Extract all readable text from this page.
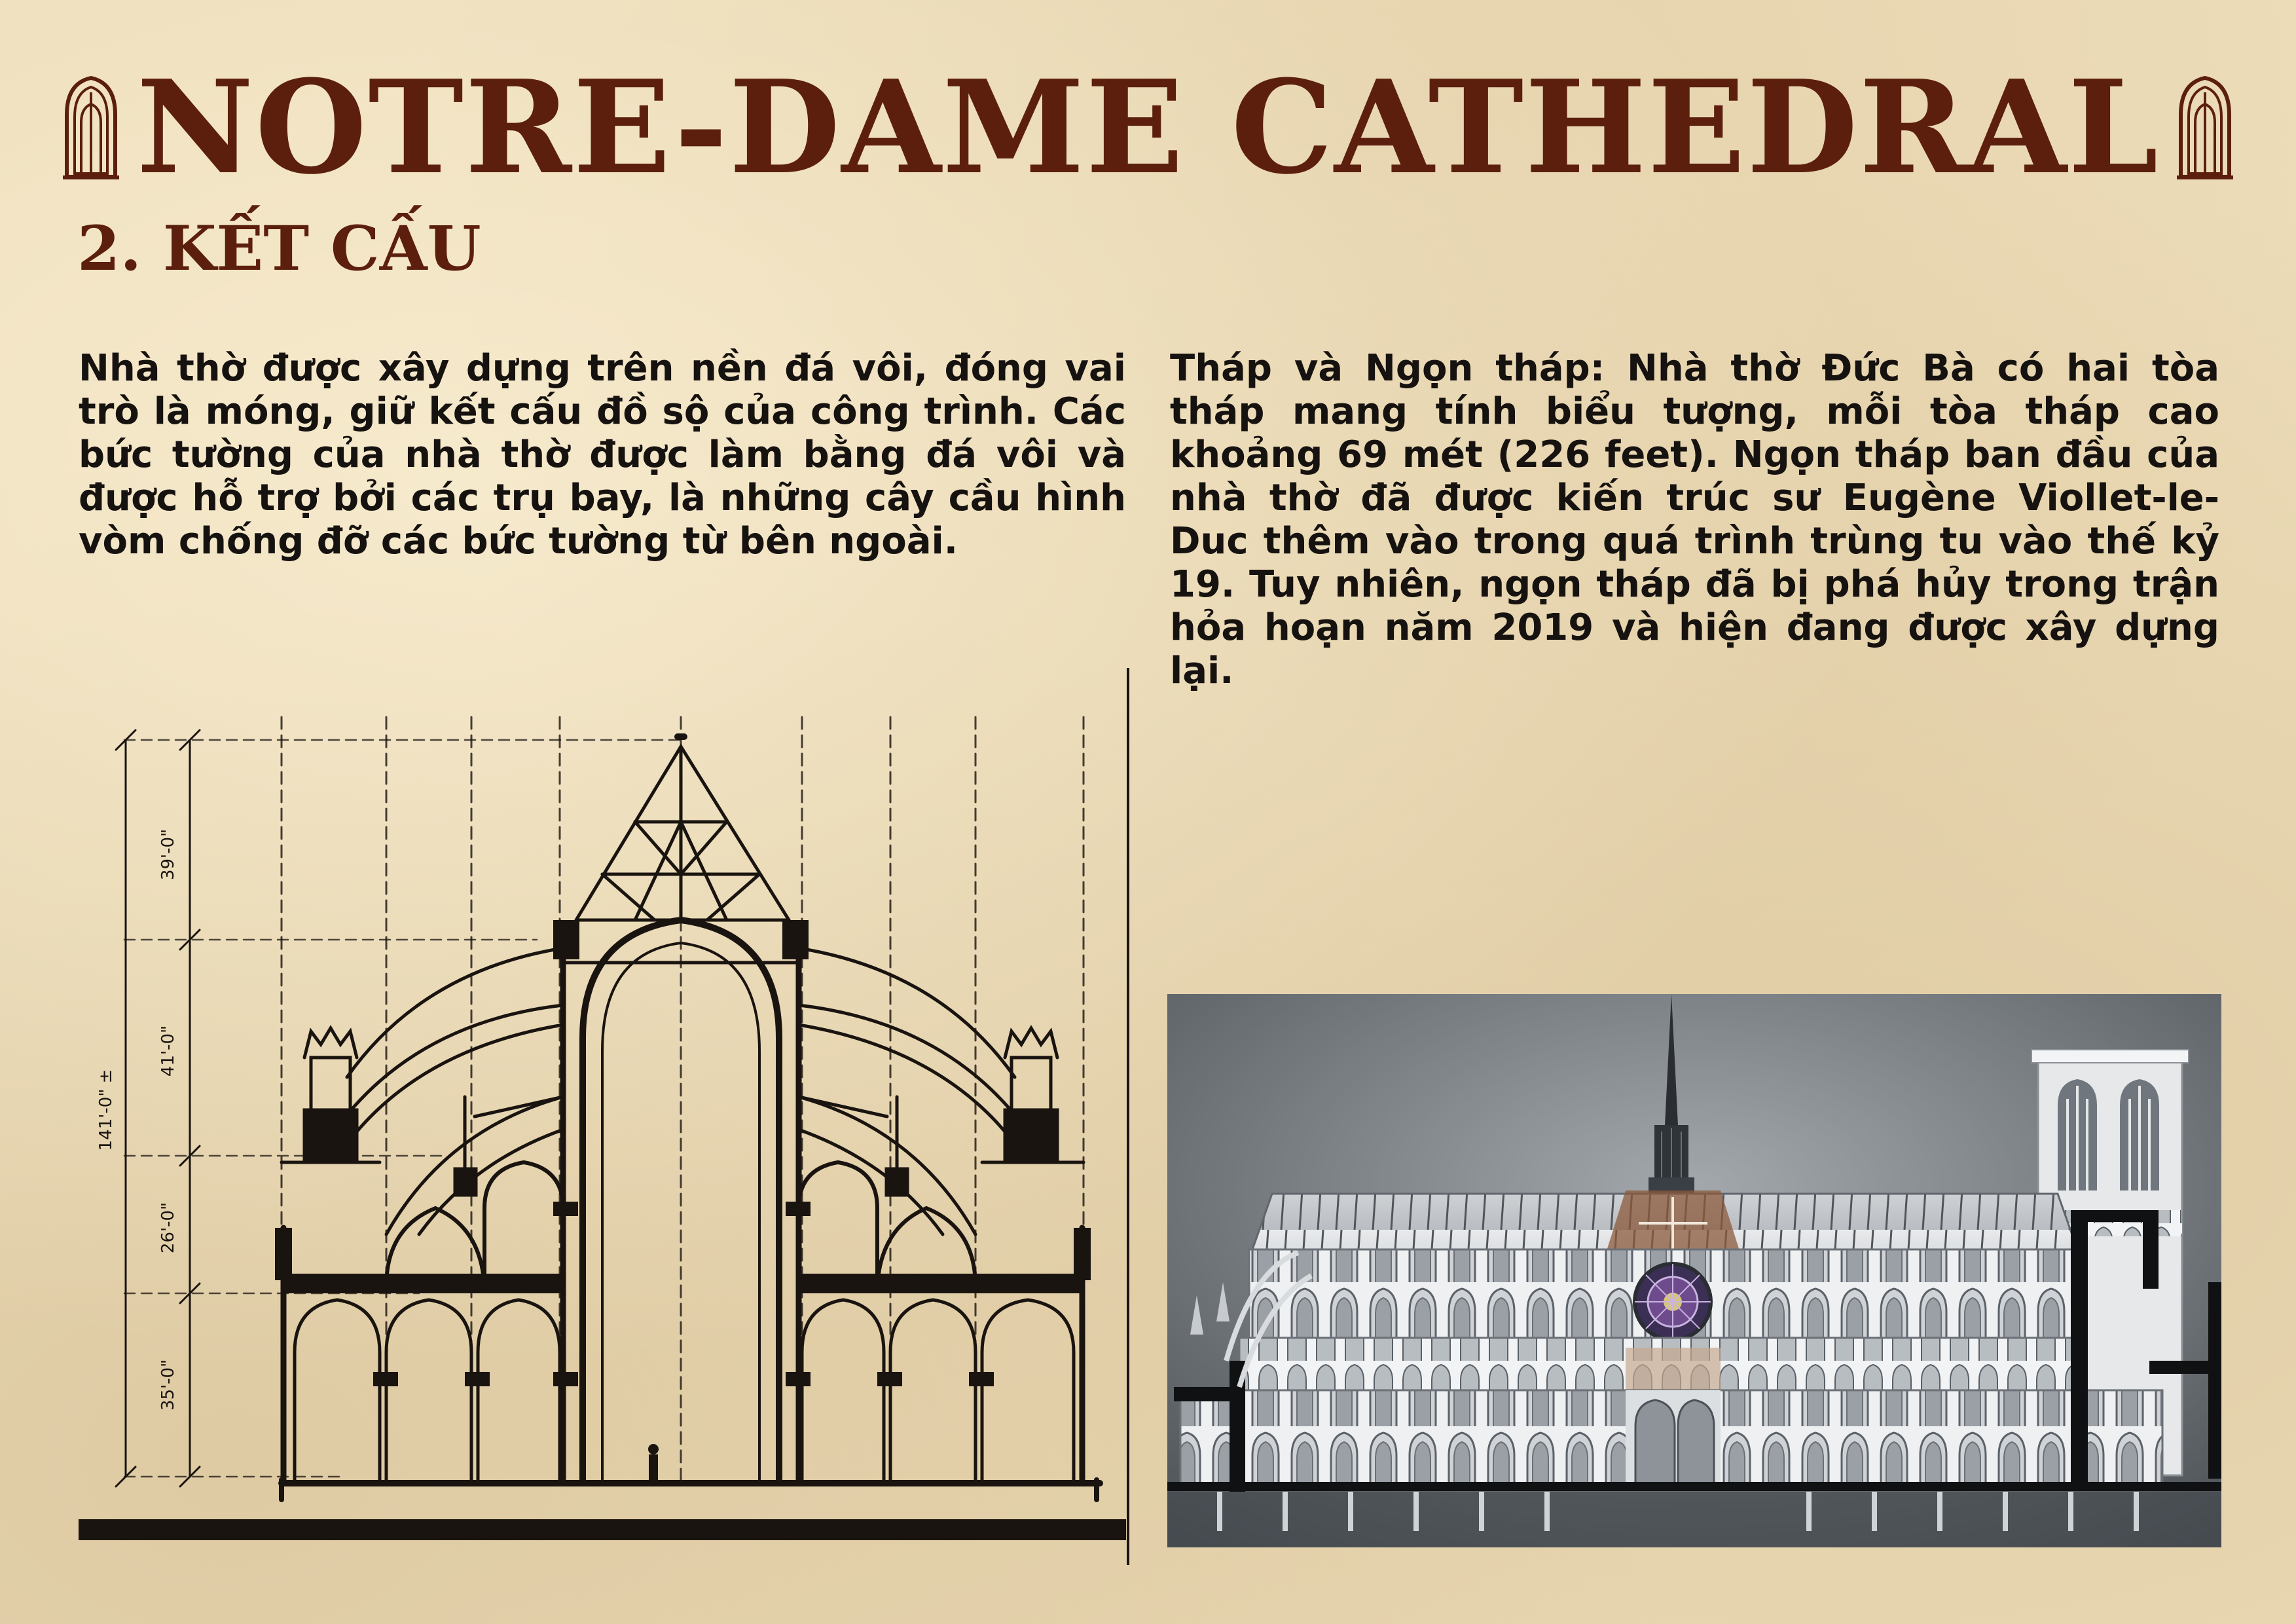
NOTRE-DAME CATHEDRAL
2. KẾT CẤU

Nhà thờ được xây dựng trên nền đá vôi, đóng vai trò là móng, giữ kết cấu đồ sộ của công trình. Các bức tường của nhà thờ được làm bằng đá vôi và được hỗ trợ bởi các trụ bay, là những cây cầu hình vòm chống đỡ các bức tường từ bên ngoài.

Tháp và Ngọn tháp: Nhà thờ Đức Bà có hai tòa tháp mang tính biểu tượng, mỗi tòa tháp cao khoảng 69 mét (226 feet). Ngọn tháp ban đầu của nhà thờ đã được kiến trúc sư Eugène Viollet-le-Duc thêm vào trong quá trình trùng tu vào thế kỷ 19. Tuy nhiên, ngọn tháp đã bị phá hủy trong trận hỏa hoạn năm 2019 và hiện đang được xây dựng lại.

39'-0"
41'-0"
26'-0"
35'-0"
141'-0" ±
